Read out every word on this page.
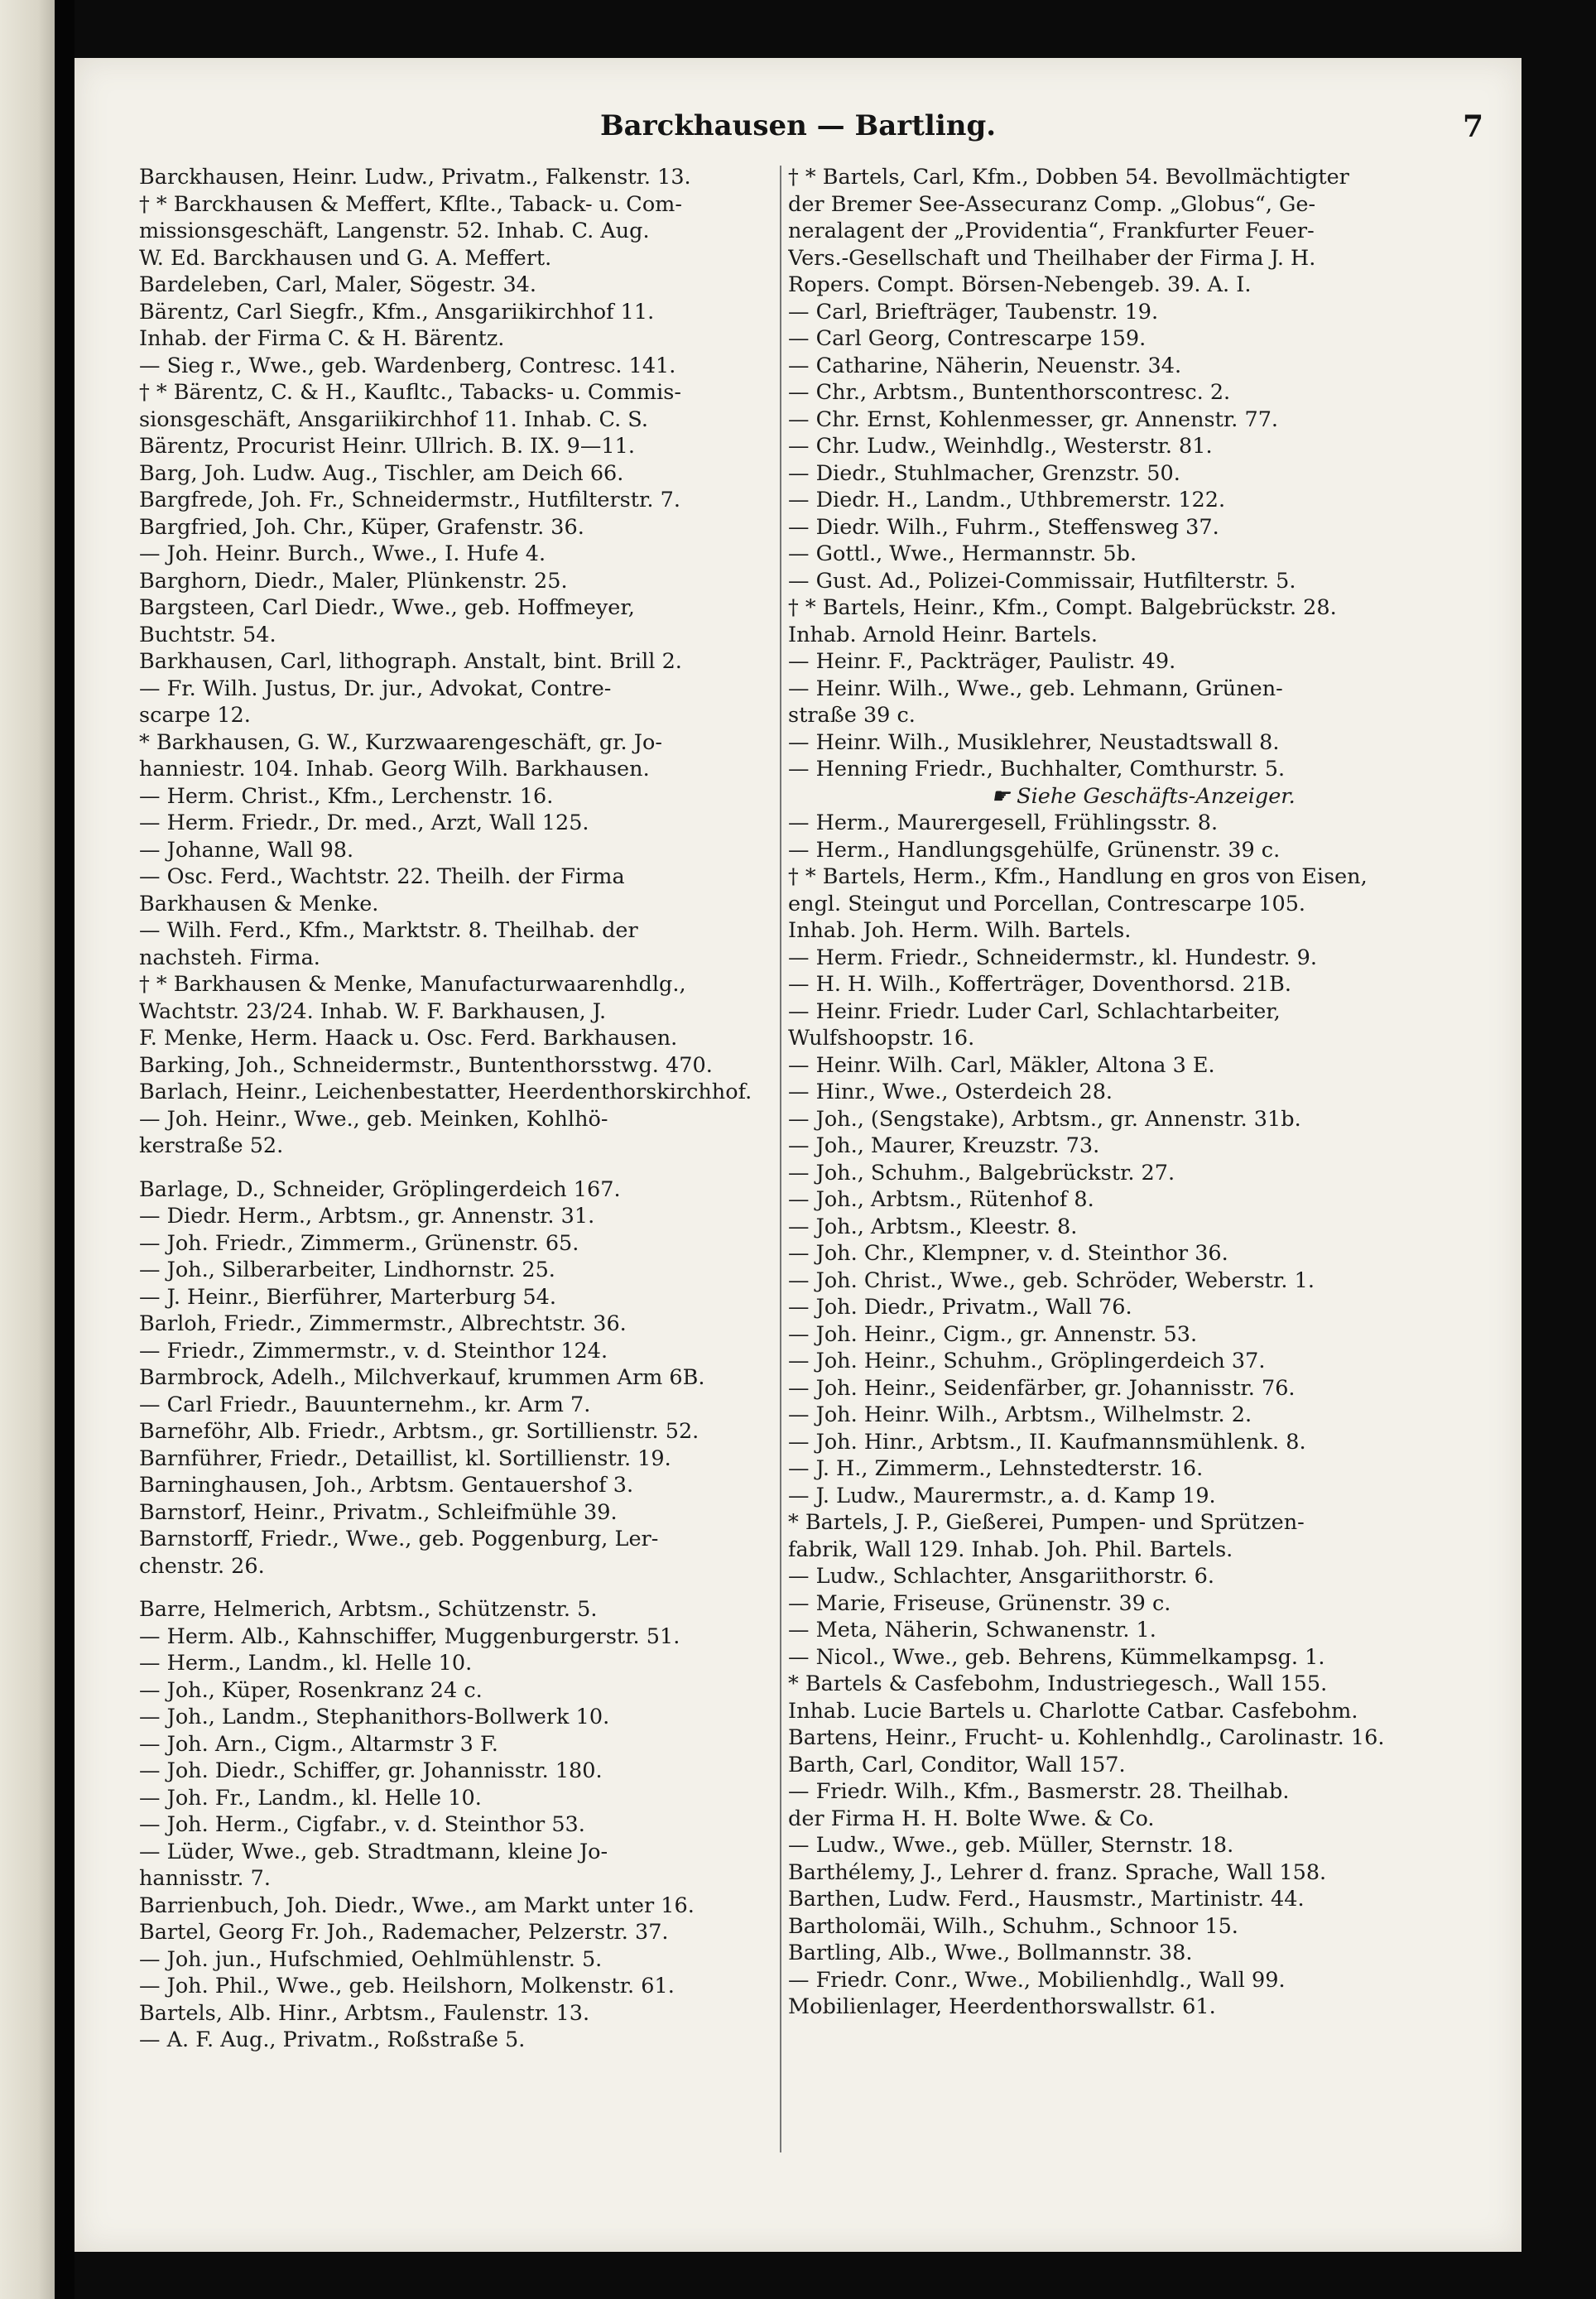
Barckhausen — Bartling.	7
Barckhausen, Heinr. Ludw., Privatm., Falkenstr. 13.
† * Barckhausen & Meffert, Kflte., Taback- u. Com-
missionsgeschäft, Langenstr. 52. Inhab. C. Aug.
W. Ed. Barckhausen und G. A. Meffert.
Bardeleben, Carl, Maler, Sögestr. 34.
Bärentz, Carl Siegfr., Kfm., Ansgariikirchhof 11.
Inhab. der Firma C. & H. Bärentz.
— Sieg r., Wwe., geb. Wardenberg, Contresc. 141.
† * Bärentz, C. & H., Kaufltc., Tabacks- u. Commis-
sionsgeschäft, Ansgariikirchhof 11. Inhab. C. S.
Bärentz, Procurist Heinr. Ullrich. B. IX. 9—11.
Barg, Joh. Ludw. Aug., Tischler, am Deich 66.
Bargfrede, Joh. Fr., Schneidermstr., Hutfilterstr. 7.
Bargfried, Joh. Chr., Küper, Grafenstr. 36.
— Joh. Heinr. Burch., Wwe., I. Hufe 4.
Barghorn, Diedr., Maler, Plünkenstr. 25.
Bargsteen, Carl Diedr., Wwe., geb. Hoffmeyer,
Buchtstr. 54.
Barkhausen, Carl, lithograph. Anstalt, bint. Brill 2.
— Fr. Wilh. Justus, Dr. jur., Advokat, Contre-
scarpe 12.
* Barkhausen, G. W., Kurzwaarengeschäft, gr. Jo-
hanniestr. 104. Inhab. Georg Wilh. Barkhausen.
— Herm. Christ., Kfm., Lerchenstr. 16.
— Herm. Friedr., Dr. med., Arzt, Wall 125.
— Johanne, Wall 98.
— Osc. Ferd., Wachtstr. 22. Theilh. der Firma
Barkhausen & Menke.
— Wilh. Ferd., Kfm., Marktstr. 8. Theilhab. der
nachsteh. Firma.
† * Barkhausen & Menke, Manufacturwaarenhdlg.,
Wachtstr. 23/24. Inhab. W. F. Barkhausen, J.
F. Menke, Herm. Haack u. Osc. Ferd. Barkhausen.
Barking, Joh., Schneidermstr., Buntenthorsstwg. 470.
Barlach, Heinr., Leichenbestatter, Heerdenthorskirchhof.
— Joh. Heinr., Wwe., geb. Meinken, Kohlhö-
kerstraße 52.
Barlage, D., Schneider, Gröplingerdeich 167.
— Diedr. Herm., Arbtsm., gr. Annenstr. 31.
— Joh. Friedr., Zimmerm., Grünenstr. 65.
— Joh., Silberarbeiter, Lindhornstr. 25.
— J. Heinr., Bierführer, Marterburg 54.
Barloh, Friedr., Zimmermstr., Albrechtstr. 36.
— Friedr., Zimmermstr., v. d. Steinthor 124.
Barmbrock, Adelh., Milchverkauf, krummen Arm 6B.
— Carl Friedr., Bauunternehm., kr. Arm 7.
Barneföhr, Alb. Friedr., Arbtsm., gr. Sortillienstr. 52.
Barnführer, Friedr., Detaillist, kl. Sortillienstr. 19.
Barninghausen, Joh., Arbtsm. Gentauershof 3.
Barnstorf, Heinr., Privatm., Schleifmühle 39.
Barnstorff, Friedr., Wwe., geb. Poggenburg, Ler-
chenstr. 26.
Barre, Helmerich, Arbtsm., Schützenstr. 5.
— Herm. Alb., Kahnschiffer, Muggenburgerstr. 51.
— Herm., Landm., kl. Helle 10.
— Joh., Küper, Rosenkranz 24 c.
— Joh., Landm., Stephanithors-Bollwerk 10.
— Joh. Arn., Cigm., Altarmstr 3 F.
— Joh. Diedr., Schiffer, gr. Johannisstr. 180.
— Joh. Fr., Landm., kl. Helle 10.
— Joh. Herm., Cigfabr., v. d. Steinthor 53.
— Lüder, Wwe., geb. Stradtmann, kleine Jo-
hannisstr. 7.
Barrienbuch, Joh. Diedr., Wwe., am Markt unter 16.
Bartel, Georg Fr. Joh., Rademacher, Pelzerstr. 37.
— Joh. jun., Hufschmied, Oehlmühlenstr. 5.
— Joh. Phil., Wwe., geb. Heilshorn, Molkenstr. 61.
Bartels, Alb. Hinr., Arbtsm., Faulenstr. 13.
— A. F. Aug., Privatm., Roßstraße 5.
† * Bartels, Carl, Kfm., Dobben 54. Bevollmächtigter
der Bremer See-Assecuranz Comp. „Globus“, Ge-
neralagent der „Providentia“, Frankfurter Feuer-
Vers.-Gesellschaft und Theilhaber der Firma J. H.
Ropers. Compt. Börsen-Nebengeb. 39. A. I.
— Carl, Briefträger, Taubenstr. 19.
— Carl Georg, Contrescarpe 159.
— Catharine, Näherin, Neuenstr. 34.
— Chr., Arbtsm., Buntenthorscontresc. 2.
— Chr. Ernst, Kohlenmesser, gr. Annenstr. 77.
— Chr. Ludw., Weinhdlg., Westerstr. 81.
— Diedr., Stuhlmacher, Grenzstr. 50.
— Diedr. H., Landm., Uthbremerstr. 122.
— Diedr. Wilh., Fuhrm., Steffensweg 37.
— Gottl., Wwe., Hermannstr. 5b.
— Gust. Ad., Polizei-Commissair, Hutfilterstr. 5.
† * Bartels, Heinr., Kfm., Compt. Balgebrückstr. 28.
Inhab. Arnold Heinr. Bartels.
— Heinr. F., Packträger, Paulistr. 49.
— Heinr. Wilh., Wwe., geb. Lehmann, Grünen-
straße 39 c.
— Heinr. Wilh., Musiklehrer, Neustadtswall 8.
— Henning Friedr., Buchhalter, Comthurstr. 5.
☛ Siehe Geschäfts-Anzeiger.
— Herm., Maurergesell, Frühlingsstr. 8.
— Herm., Handlungsgehülfe, Grünenstr. 39 c.
† * Bartels, Herm., Kfm., Handlung en gros von Eisen,
engl. Steingut und Porcellan, Contrescarpe 105.
Inhab. Joh. Herm. Wilh. Bartels.
— Herm. Friedr., Schneidermstr., kl. Hundestr. 9.
— H. H. Wilh., Kofferträger, Doventhorsd. 21B.
— Heinr. Friedr. Luder Carl, Schlachtarbeiter,
Wulfshoopstr. 16.
— Heinr. Wilh. Carl, Mäkler, Altona 3 E.
— Hinr., Wwe., Osterdeich 28.
— Joh., (Sengstake), Arbtsm., gr. Annenstr. 31b.
— Joh., Maurer, Kreuzstr. 73.
— Joh., Schuhm., Balgebrückstr. 27.
— Joh., Arbtsm., Rütenhof 8.
— Joh., Arbtsm., Kleestr. 8.
— Joh. Chr., Klempner, v. d. Steinthor 36.
— Joh. Christ., Wwe., geb. Schröder, Weberstr. 1.
— Joh. Diedr., Privatm., Wall 76.
— Joh. Heinr., Cigm., gr. Annenstr. 53.
— Joh. Heinr., Schuhm., Gröplingerdeich 37.
— Joh. Heinr., Seidenfärber, gr. Johannisstr. 76.
— Joh. Heinr. Wilh., Arbtsm., Wilhelmstr. 2.
— Joh. Hinr., Arbtsm., II. Kaufmannsmühlenk. 8.
— J. H., Zimmerm., Lehnstedterstr. 16.
— J. Ludw., Maurermstr., a. d. Kamp 19.
* Bartels, J. P., Gießerei, Pumpen- und Sprützen-
fabrik, Wall 129. Inhab. Joh. Phil. Bartels.
— Ludw., Schlachter, Ansgariithorstr. 6.
— Marie, Friseuse, Grünenstr. 39 c.
— Meta, Näherin, Schwanenstr. 1.
— Nicol., Wwe., geb. Behrens, Kümmelkampsg. 1.
* Bartels & Casfebohm, Industriegesch., Wall 155.
Inhab. Lucie Bartels u. Charlotte Catbar. Casfebohm.
Bartens, Heinr., Frucht- u. Kohlenhdlg., Carolinastr. 16.
Barth, Carl, Conditor, Wall 157.
— Friedr. Wilh., Kfm., Basmerstr. 28. Theilhab.
der Firma H. H. Bolte Wwe. & Co.
— Ludw., Wwe., geb. Müller, Sternstr. 18.
Barthélemy, J., Lehrer d. franz. Sprache, Wall 158.
Barthen, Ludw. Ferd., Hausmstr., Martinistr. 44.
Bartholomäi, Wilh., Schuhm., Schnoor 15.
Bartling, Alb., Wwe., Bollmannstr. 38.
— Friedr. Conr., Wwe., Mobilienhdlg., Wall 99.
Mobilienlager, Heerdenthorswallstr. 61.
